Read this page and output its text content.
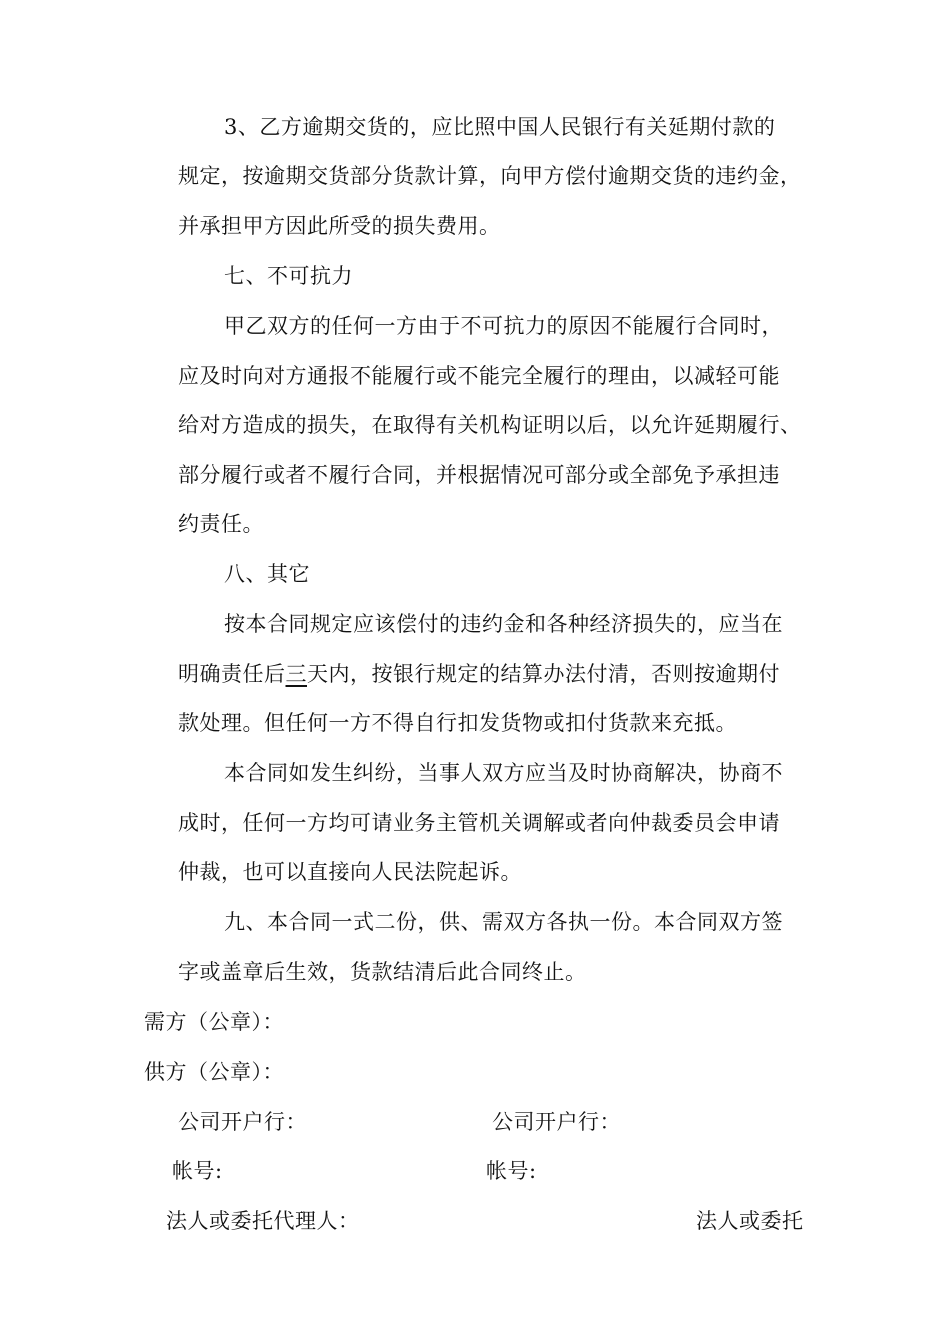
3、乙方逾期交货的，应比照中国人民银行有关延期付款的
规定，按逾期交货部分货款计算，向甲方偿付逾期交货的违约金，
并承担甲方因此所受的损失费用。
七、不可抗力
甲乙双方的任何一方由于不可抗力的原因不能履行合同时，
应及时向对方通报不能履行或不能完全履行的理由，以减轻可能
给对方造成的损失，在取得有关机构证明以后，以允许延期履行、
部分履行或者不履行合同，并根据情况可部分或全部免予承担违
约责任。
八、其它
按本合同规定应该偿付的违约金和各种经济损失的，应当在
明确责任后三天内，按银行规定的结算办法付清，否则按逾期付
款处理。但任何一方不得自行扣发货物或扣付货款来充抵。
本合同如发生纠纷，当事人双方应当及时协商解决，协商不
成时，任何一方均可请业务主管机关调解或者向仲裁委员会申请
仲裁，也可以直接向人民法院起诉。
九、本合同一式二份，供、需双方各执一份。本合同双方签
字或盖章后生效，货款结清后此合同终止。
需方（公章）：
供方（公章）：
公司开户行：	公司开户行：
帐号:	帐号:
法人或委托代理人：	法人或委托
